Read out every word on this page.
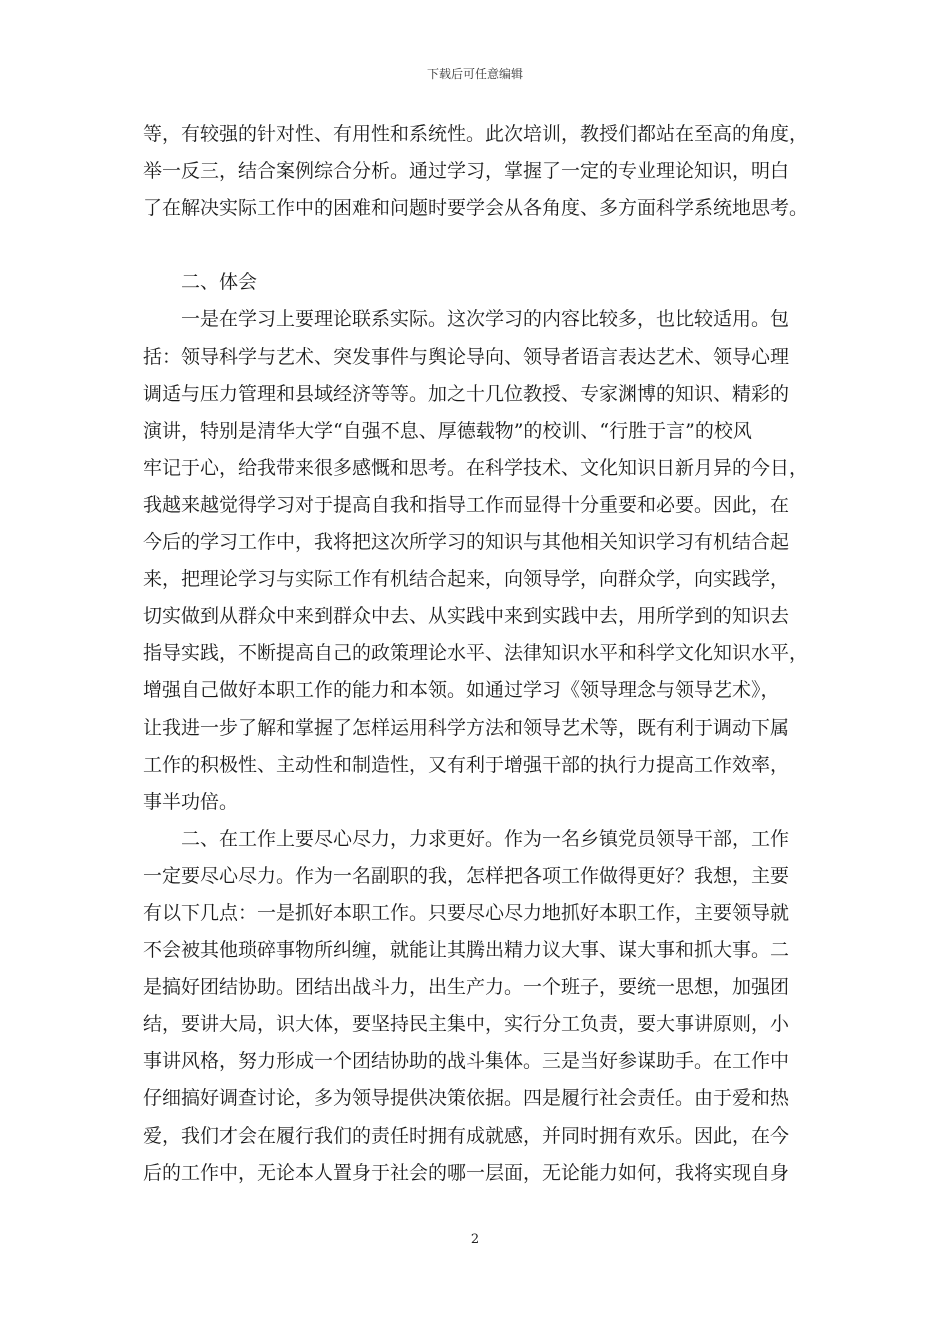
下载后可任意编辑
等，有较强的针对性、有用性和系统性。此次培训，教授们都站在至高的角度，
举一反三，结合案例综合分析。通过学习，掌握了一定的专业理论知识，明白
了在解决实际工作中的困难和问题时要学会从各角度、多方面科学系统地思考。
　　二、体会
　　一是在学习上要理论联系实际。这次学习的内容比较多，也比较适用。包
括：领导科学与艺术、突发事件与舆论导向、领导者语言表达艺术、领导心理
调适与压力管理和县域经济等等。加之十几位教授、专家渊博的知识、精彩的
演讲，特别是清华大学“自强不息、厚德载物”的校训、“行胜于言”的校风
牢记于心，给我带来很多感慨和思考。在科学技术、文化知识日新月异的今日，
我越来越觉得学习对于提高自我和指导工作而显得十分重要和必要。因此，在
今后的学习工作中，我将把这次所学习的知识与其他相关知识学习有机结合起
来，把理论学习与实际工作有机结合起来，向领导学，向群众学，向实践学，
切实做到从群众中来到群众中去、从实践中来到实践中去，用所学到的知识去
指导实践，不断提高自己的政策理论水平、法律知识水平和科学文化知识水平，
增强自己做好本职工作的能力和本领。如通过学习《领导理念与领导艺术》，
让我进一步了解和掌握了怎样运用科学方法和领导艺术等，既有利于调动下属
工作的积极性、主动性和制造性，又有利于增强干部的执行力提高工作效率，
事半功倍。
　　二、在工作上要尽心尽力，力求更好。作为一名乡镇党员领导干部，工作
一定要尽心尽力。作为一名副职的我，怎样把各项工作做得更好？我想，主要
有以下几点：一是抓好本职工作。只要尽心尽力地抓好本职工作，主要领导就
不会被其他琐碎事物所纠缠，就能让其腾出精力议大事、谋大事和抓大事。二
是搞好团结协助。团结出战斗力，出生产力。一个班子，要统一思想，加强团
结，要讲大局，识大体，要坚持民主集中，实行分工负责，要大事讲原则，小
事讲风格，努力形成一个团结协助的战斗集体。三是当好参谋助手。在工作中
仔细搞好调查讨论，多为领导提供决策依据。四是履行社会责任。由于爱和热
爱，我们才会在履行我们的责任时拥有成就感，并同时拥有欢乐。因此，在今
后的工作中，无论本人置身于社会的哪一层面，无论能力如何，我将实现自身
2
